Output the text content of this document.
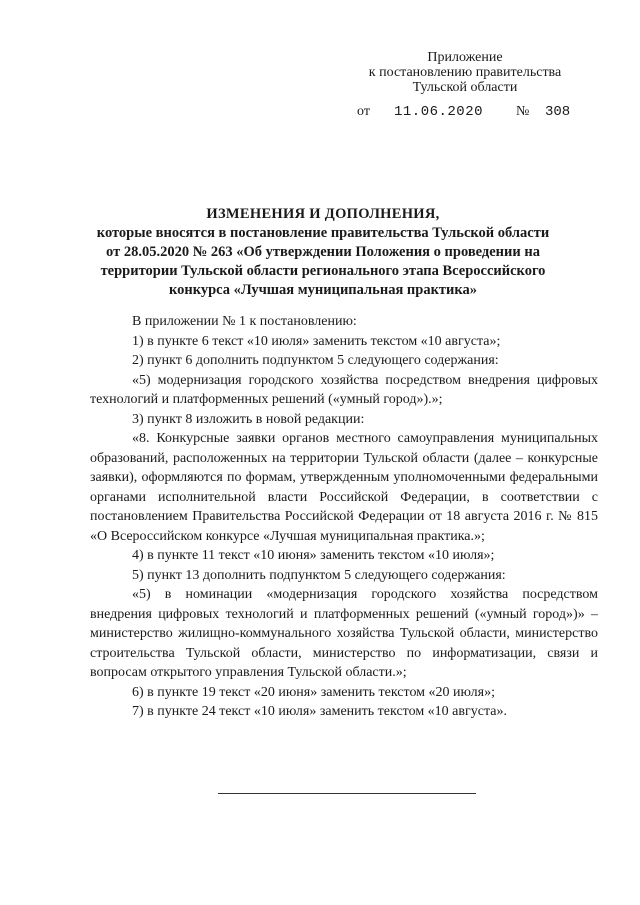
Приложение
к постановлению правительства
Тульской области
от 11.06.2020 № 308
ИЗМЕНЕНИЯ И ДОПОЛНЕНИЯ,
которые вносятся в постановление правительства Тульской области
от 28.05.2020 № 263 «Об утверждении Положения о проведении на
территории Тульской области регионального этапа Всероссийского
конкурса «Лучшая муниципальная практика»

В приложении № 1 к постановлению:

1) в пункте 6 текст «10 июля» заменить текстом «10 августа»;

2) пункт 6 дополнить подпунктом 5 следующего содержания:

«5) модернизация городского хозяйства посредством внедрения цифровых технологий и платформенных решений («умный город»).»;

3) пункт 8 изложить в новой редакции:

«8. Конкурсные заявки органов местного самоуправления муниципальных образований, расположенных на территории Тульской области (далее – конкурсные заявки), оформляются по формам, утвержденным уполномоченными федеральными органами исполнительной власти Российской Федерации, в соответствии с постановлением Правительства Российской Федерации от 18 августа 2016 г. № 815 «О Всероссийском конкурсе «Лучшая муниципальная практика.»;

4) в пункте 11 текст «10 июня» заменить текстом «10 июля»;

5) пункт 13 дополнить подпунктом 5 следующего содержания:

«5) в номинации «модернизация городского хозяйства посредством внедрения цифровых технологий и платформенных решений («умный город»)» – министерство жилищно-коммунального хозяйства Тульской области, министерство строительства Тульской области, министерство по информатизации, связи и вопросам открытого управления Тульской области.»;

6) в пункте 19 текст «20 июня» заменить текстом «20 июля»;

7) в пункте 24 текст «10 июля» заменить текстом «10 августа».
